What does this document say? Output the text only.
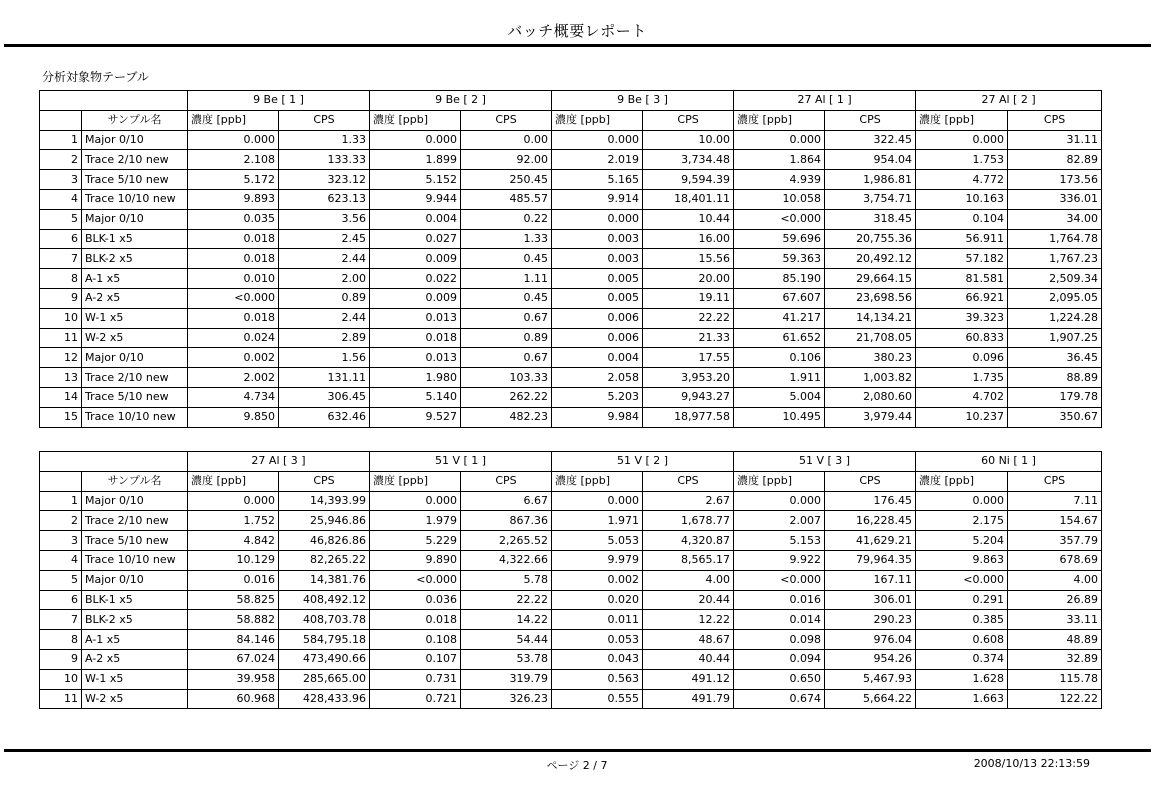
バッチ概要レポート
分析対象物テーブル
		9 Be [ 1 ]		9 Be [ 2 ]		9 Be [ 3 ]		27 Al [ 1 ]		27 Al [ 2 ]	
	サンプル名	濃度 [ppb]	CPS	濃度 [ppb]	CPS	濃度 [ppb]	CPS	濃度 [ppb]	CPS	濃度 [ppb]	CPS
1	Major 0/10	0.000	1.33	0.000	0.00	0.000	10.00	0.000	322.45	0.000	31.11
2	Trace 2/10 new	2.108	133.33	1.899	92.00	2.019	3,734.48	1.864	954.04	1.753	82.89
3	Trace 5/10 new	5.172	323.12	5.152	250.45	5.165	9,594.39	4.939	1,986.81	4.772	173.56
4	Trace 10/10 new	9.893	623.13	9.944	485.57	9.914	18,401.11	10.058	3,754.71	10.163	336.01
5	Major 0/10	0.035	3.56	0.004	0.22	0.000	10.44	<0.000	318.45	0.104	34.00
6	BLK-1 x5	0.018	2.45	0.027	1.33	0.003	16.00	59.696	20,755.36	56.911	1,764.78
7	BLK-2 x5	0.018	2.44	0.009	0.45	0.003	15.56	59.363	20,492.12	57.182	1,767.23
8	A-1 x5	0.010	2.00	0.022	1.11	0.005	20.00	85.190	29,664.15	81.581	2,509.34
9	A-2 x5	<0.000	0.89	0.009	0.45	0.005	19.11	67.607	23,698.56	66.921	2,095.05
10	W-1 x5	0.018	2.44	0.013	0.67	0.006	22.22	41.217	14,134.21	39.323	1,224.28
11	W-2 x5	0.024	2.89	0.018	0.89	0.006	21.33	61.652	21,708.05	60.833	1,907.25
12	Major 0/10	0.002	1.56	0.013	0.67	0.004	17.55	0.106	380.23	0.096	36.45
13	Trace 2/10 new	2.002	131.11	1.980	103.33	2.058	3,953.20	1.911	1,003.82	1.735	88.89
14	Trace 5/10 new	4.734	306.45	5.140	262.22	5.203	9,943.27	5.004	2,080.60	4.702	179.78
15	Trace 10/10 new	9.850	632.46	9.527	482.23	9.984	18,977.58	10.495	3,979.44	10.237	350.67
		27 Al [ 3 ]		51 V [ 1 ]		51 V [ 2 ]		51 V [ 3 ]		60 Ni [ 1 ]	
	サンプル名	濃度 [ppb]	CPS	濃度 [ppb]	CPS	濃度 [ppb]	CPS	濃度 [ppb]	CPS	濃度 [ppb]	CPS
1	Major 0/10	0.000	14,393.99	0.000	6.67	0.000	2.67	0.000	176.45	0.000	7.11
2	Trace 2/10 new	1.752	25,946.86	1.979	867.36	1.971	1,678.77	2.007	16,228.45	2.175	154.67
3	Trace 5/10 new	4.842	46,826.86	5.229	2,265.52	5.053	4,320.87	5.153	41,629.21	5.204	357.79
4	Trace 10/10 new	10.129	82,265.22	9.890	4,322.66	9.979	8,565.17	9.922	79,964.35	9.863	678.69
5	Major 0/10	0.016	14,381.76	<0.000	5.78	0.002	4.00	<0.000	167.11	<0.000	4.00
6	BLK-1 x5	58.825	408,492.12	0.036	22.22	0.020	20.44	0.016	306.01	0.291	26.89
7	BLK-2 x5	58.882	408,703.78	0.018	14.22	0.011	12.22	0.014	290.23	0.385	33.11
8	A-1 x5	84.146	584,795.18	0.108	54.44	0.053	48.67	0.098	976.04	0.608	48.89
9	A-2 x5	67.024	473,490.66	0.107	53.78	0.043	40.44	0.094	954.26	0.374	32.89
10	W-1 x5	39.958	285,665.00	0.731	319.79	0.563	491.12	0.650	5,467.93	1.628	115.78
11	W-2 x5	60.968	428,433.96	0.721	326.23	0.555	491.79	0.674	5,664.22	1.663	122.22
ページ 2 / 7	2008/10/13 22:13:59
